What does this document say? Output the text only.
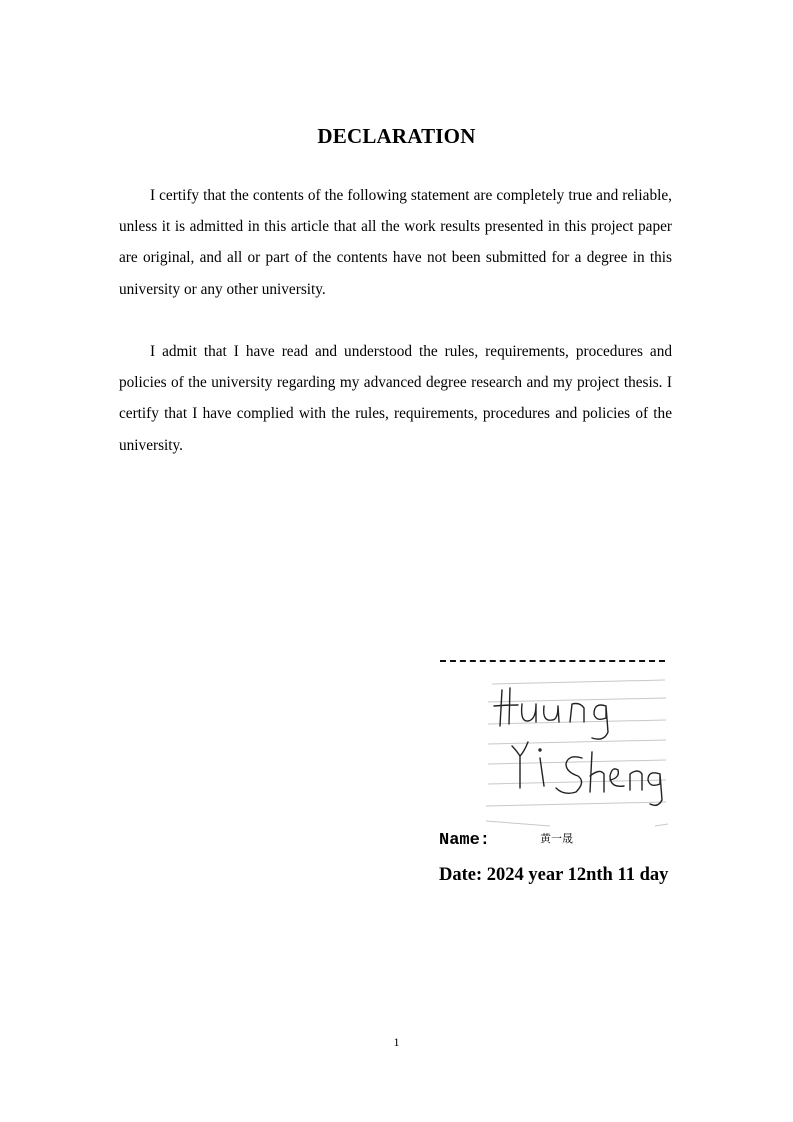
DECLARATION

I certify that the contents of the following statement are completely true and reliable, unless it is admitted in this article that all the work results presented in this project paper are original, and all or part of the contents have not been submitted for a degree in this university or any other university.

I admit that I have read and understood the rules, requirements, procedures and policies of the university regarding my advanced degree research and my project thesis. I certify that I have complied with the rules, requirements, procedures and policies of the university.

Name:	黄一晟
Date: 2024 year 12nth 11 day
1
